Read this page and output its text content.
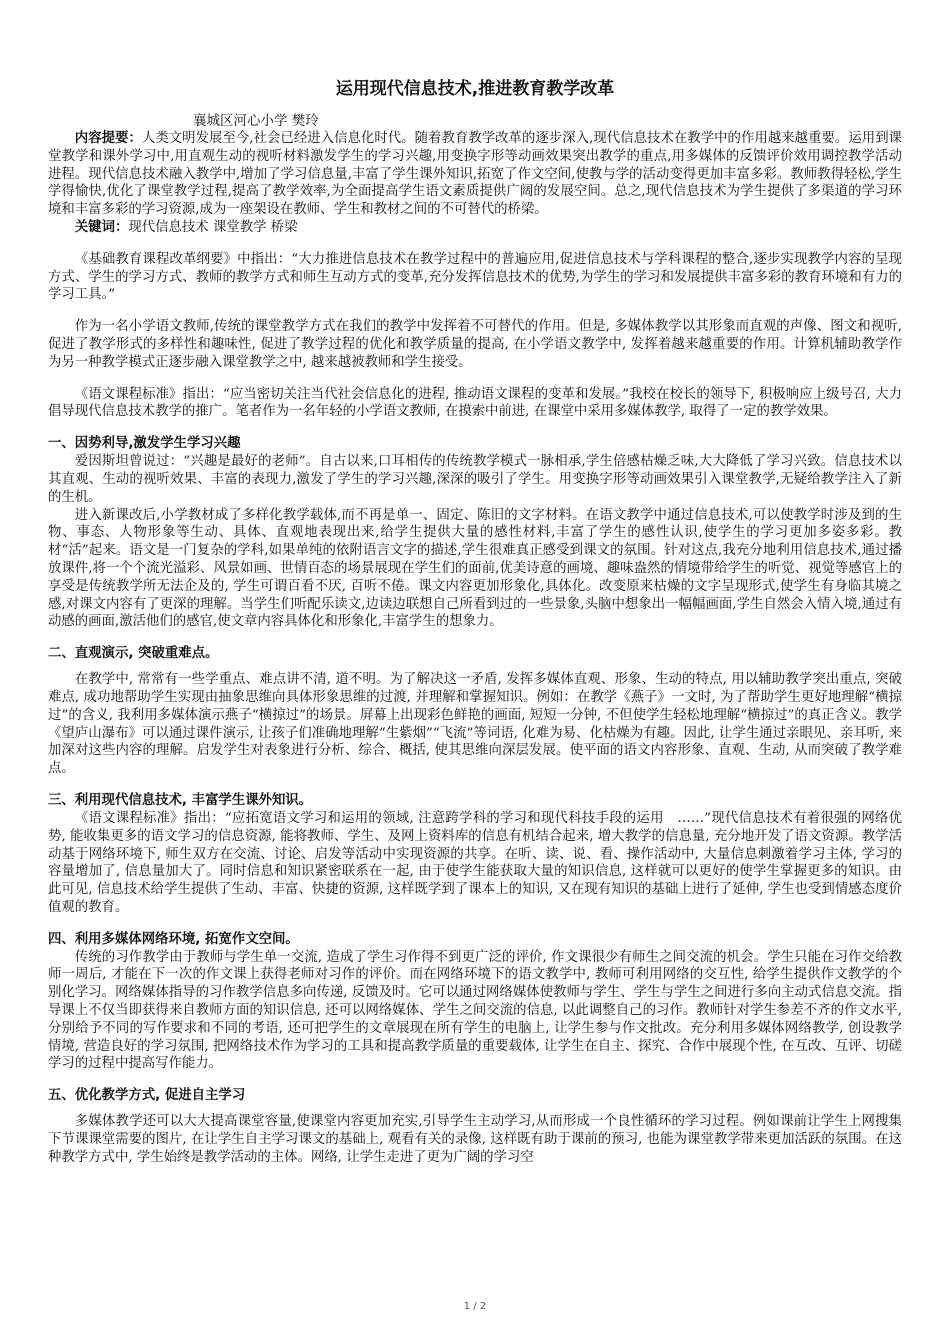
运用现代信息技术,推进教育教学改革
襄城区河心小学 樊玲

内容提要：人类文明发展至今,社会已经进入信息化时代。随着教育教学改革的逐步深入,现代信息技术在教学中的作用越来越重要。运用到课堂教学和课外学习中,用直观生动的视听材料激发学生的学习兴趣,用变换字形等动画效果突出教学的重点,用多媒体的反馈评价效用调控教学活动进程。现代信息技术融入教学中,增加了学习信息量,丰富了学生课外知识,拓宽了作文空间,使教与学的活动变得更加丰富多彩。教师教得轻松,学生学得愉快,优化了课堂教学过程,提高了教学效率,为全面提高学生语文素质提供广阔的发展空间。总之,现代信息技术为学生提供了多渠道的学习环境和丰富多彩的学习资源,成为一座架设在教师、学生和教材之间的不可替代的桥梁。

关键词：现代信息技术 课堂教学 桥梁

《基础教育课程改革纲要》中指出：“大力推进信息技术在教学过程中的普遍应用,促进信息技术与学科课程的整合,逐步实现教学内容的呈现方式、学生的学习方式、教师的教学方式和师生互动方式的变革,充分发挥信息技术的优势,为学生的学习和发展提供丰富多彩的教育环境和有力的学习工具。”

作为一名小学语文教师,传统的课堂教学方式在我们的教学中发挥着不可替代的作用。但是, 多媒体教学以其形象而直观的声像、图文和视听, 促进了教学形式的多样性和趣味性, 促进了教学过程的优化和教学质量的提高, 在小学语文教学中, 发挥着越来越重要的作用。计算机辅助教学作为另一种教学模式正逐步融入课堂教学之中, 越来越被教师和学生接受。

《语文课程标准》指出：“应当密切关注当代社会信息化的进程, 推动语文课程的变革和发展。”我校在校长的领导下, 积极响应上级号召, 大力倡导现代信息技术教学的推广。笔者作为一名年轻的小学语文教师, 在摸索中前进, 在课堂中采用多媒体教学, 取得了一定的教学效果。

一、因势利导,激发学生学习兴趣

爱因斯坦曾说过：“兴趣是最好的老师”。自古以来,口耳相传的传统教学模式一脉相承,学生倍感枯燥乏味,大大降低了学习兴致。信息技术以其直观、生动的视听效果、丰富的表现力,激发了学生的学习兴趣,深深的吸引了学生。用变换字形等动画效果引入课堂教学,无疑给教学注入了新的生机。

进入新课改后,小学教材成了多样化教学载体,而不再是单一、固定、陈旧的文字材料。在语文教学中通过信息技术,可以使教学时涉及到的生物、事态、人物形象等生动、具体、直观地表现出来,给学生提供大量的感性材料,丰富了学生的感性认识,使学生的学习更加多姿多彩。教材“活”起来。语文是一门复杂的学科,如果单纯的依附语言文字的描述,学生很难真正感受到课文的氛围。针对这点,我充分地利用信息技术,通过播放课件,将一个个流光溢彩、风景如画、世情百态的场景展现在学生们的面前,优美诗意的画境、趣味盎然的情境带给学生的听觉、视觉等感官上的享受是传统教学所无法企及的, 学生可谓百看不厌, 百听不倦。课文内容更加形象化,具体化。改变原来枯燥的文字呈现形式,使学生有身临其境之感,对课文内容有了更深的理解。当学生们听配乐读文,边读边联想自己所看到过的一些景象,头脑中想象出一幅幅画面,学生自然会入情入境,通过有动感的画面,激活他们的感官,使文章内容具体化和形象化,丰富学生的想象力。

二、直观演示, 突破重难点。

在教学中, 常常有一些学重点、难点讲不清, 道不明。为了解决这一矛盾, 发挥多媒体直观、形象、生动的特点, 用以辅助教学突出重点, 突破难点, 成功地帮助学生实现由抽象思维向具体形象思维的过渡, 并理解和掌握知识。例如：在教学《燕子》一文时, 为了帮助学生更好地理解“横掠过”的含义, 我利用多媒体演示燕子“横掠过”的场景。屏幕上出现彩色鲜艳的画面, 短短一分钟, 不但使学生轻松地理解“横掠过”的真正含义。教学《望庐山瀑布》可以通过课件演示, 让孩子们准确地理解“生紫烟”“飞流”等词语, 化难为易、化枯燥为有趣。因此, 让学生通过亲眼见、亲耳听, 来加深对这些内容的理解。启发学生对表象进行分析、综合、概括, 使其思维向深层发展。使平面的语文内容形象、直观、生动, 从而突破了教学难点。

三、利用现代信息技术, 丰富学生课外知识。

《语文课程标准》指出：“应拓宽语文学习和运用的领域, 注意跨学科的学习和现代科技手段的运用　……”现代信息技术有着很强的网络优势, 能收集更多的语文学习的信息资源, 能将教师、学生、及网上资料库的信息有机结合起来, 增大教学的信息量, 充分地开发了语文资源。教学活动基于网络环境下, 师生双方在交流、讨论、启发等活动中实现资源的共享。在听、读、说、看、操作活动中, 大量信息刺激着学习主体, 学习的容量增加了, 信息量加大了。同时信息和知识紧密联系在一起, 由于使学生能获取大量的知识信息, 这样就可以更好的使学生掌握更多的知识。由此可见, 信息技术给学生提供了生动、丰富、快捷的资源, 这样既学到了课本上的知识, 又在现有知识的基础上进行了延伸, 学生也受到情感态度价值观的教育。

四、利用多媒体网络环境, 拓宽作文空间。

传统的习作教学由于教师与学生单一交流, 造成了学生习作得不到更广泛的评价, 作文课很少有师生之间交流的机会。学生只能在习作交给教师一周后, 才能在下一次的作文课上获得老师对习作的评价。而在网络环境下的语文教学中, 教师可利用网络的交互性, 给学生提供作文教学的个别化学习。网络媒体指导的习作教学信息多向传递, 反馈及时。它可以通过网络媒体使教师与学生、学生与学生之间进行多向主动式信息交流。指导课上不仅当即获得来自教师方面的知识信息, 还可以网络媒体、学生之间交流的信息, 以此调整自己的习作。教师针对学生参差不齐的作文水平, 分别给予不同的写作要求和不同的考语, 还可把学生的文章展现在所有学生的电脑上, 让学生参与作文批改。充分利用多媒体网络教学, 创设教学情境, 营造良好的学习氛围, 把网络技术作为学习的工具和提高教学质量的重要载体, 让学生在自主、探究、合作中展现个性, 在互改、互评、切磋学习的过程中提高写作能力。

五、优化教学方式, 促进自主学习

多媒体教学还可以大大提高课堂容量,使课堂内容更加充实,引导学生主动学习,从而形成一个良性循环的学习过程。例如课前让学生上网搜集下节课课堂需要的图片, 在让学生自主学习课文的基础上, 观看有关的录像, 这样既有助于课前的预习, 也能为课堂教学带来更加活跃的氛围。在这种教学方式中, 学生始终是教学活动的主体。网络, 让学生走进了更为广阔的学习空

1 / 2
